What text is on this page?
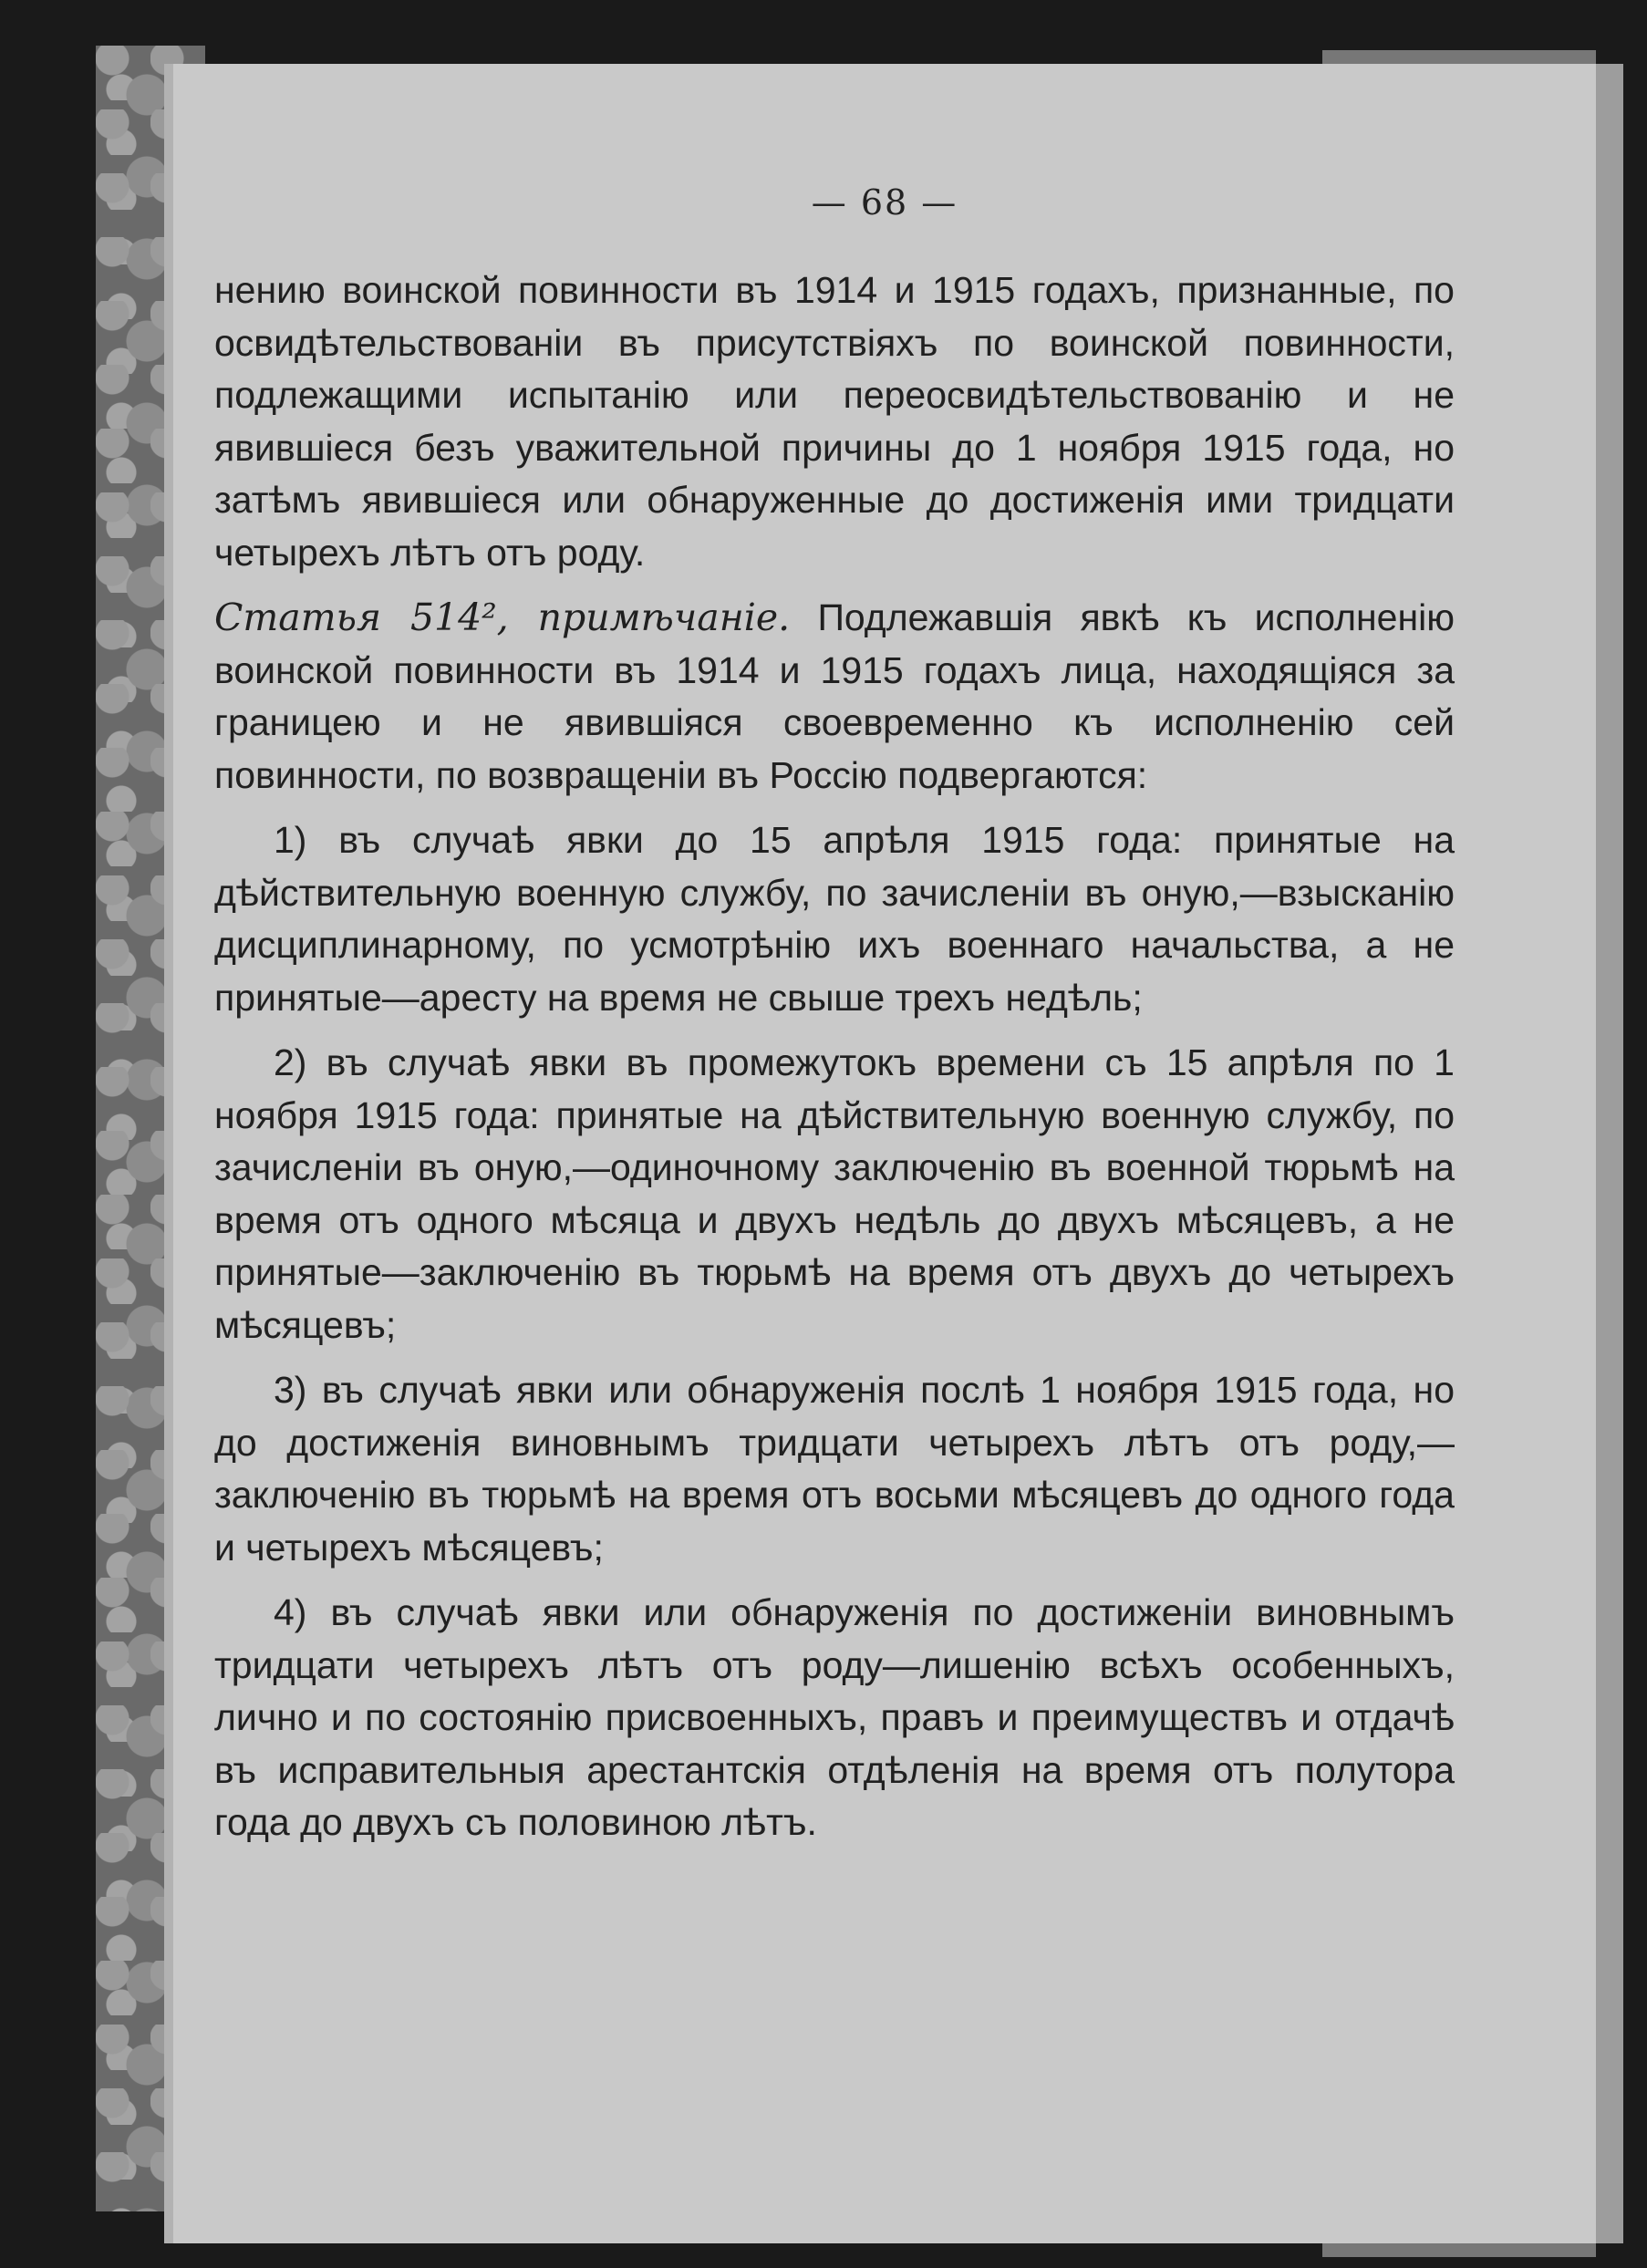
— 68 —

нению воинской повинности въ 1914 и 1915 годахъ, признанные, по освидѣтельствованіи въ присутствіяхъ по воинской повинности, подлежащими испытанію или переосвидѣтельствованію и не явившіеся безъ уважительной причины до 1 ноября 1915 года, но затѣмъ явившіеся или обнаруженные до достиженія ими тридцати четырехъ лѣтъ отъ роду.

Статья 514², примѣчаніе. Подлежавшія явкѣ къ исполненію воинской повинности въ 1914 и 1915 годахъ лица, находящіяся за границею и не явившіяся своевременно къ исполненію сей повинности, по возвращеніи въ Россію подвергаются:

1) въ случаѣ явки до 15 апрѣля 1915 года: принятые на дѣйствительную военную службу, по зачисленіи въ оную,—взысканію дисциплинарному, по усмотрѣнію ихъ военнаго начальства, а не принятые—аресту на время не свыше трехъ недѣль;

2) въ случаѣ явки въ промежутокъ времени съ 15 апрѣля по 1 ноября 1915 года: принятые на дѣйствительную военную службу, по зачисленіи въ оную,—одиночному заключенію въ военной тюрьмѣ на время отъ одного мѣсяца и двухъ недѣль до двухъ мѣсяцевъ, а не принятые—заключенію въ тюрьмѣ на время отъ двухъ до четырехъ мѣсяцевъ;

3) въ случаѣ явки или обнаруженія послѣ 1 ноября 1915 года, но до достиженія виновнымъ тридцати четырехъ лѣтъ отъ роду,—заключенію въ тюрьмѣ на время отъ восьми мѣсяцевъ до одного года и четырехъ мѣсяцевъ;

4) въ случаѣ явки или обнаруженія по достиженіи виновнымъ тридцати четырехъ лѣтъ отъ роду—лишенію всѣхъ особенныхъ, лично и по состоянію присвоенныхъ, правъ и преимуществъ и отдачѣ въ исправительныя арестантскія отдѣленія на время отъ полутора года до двухъ съ половиною лѣтъ.
